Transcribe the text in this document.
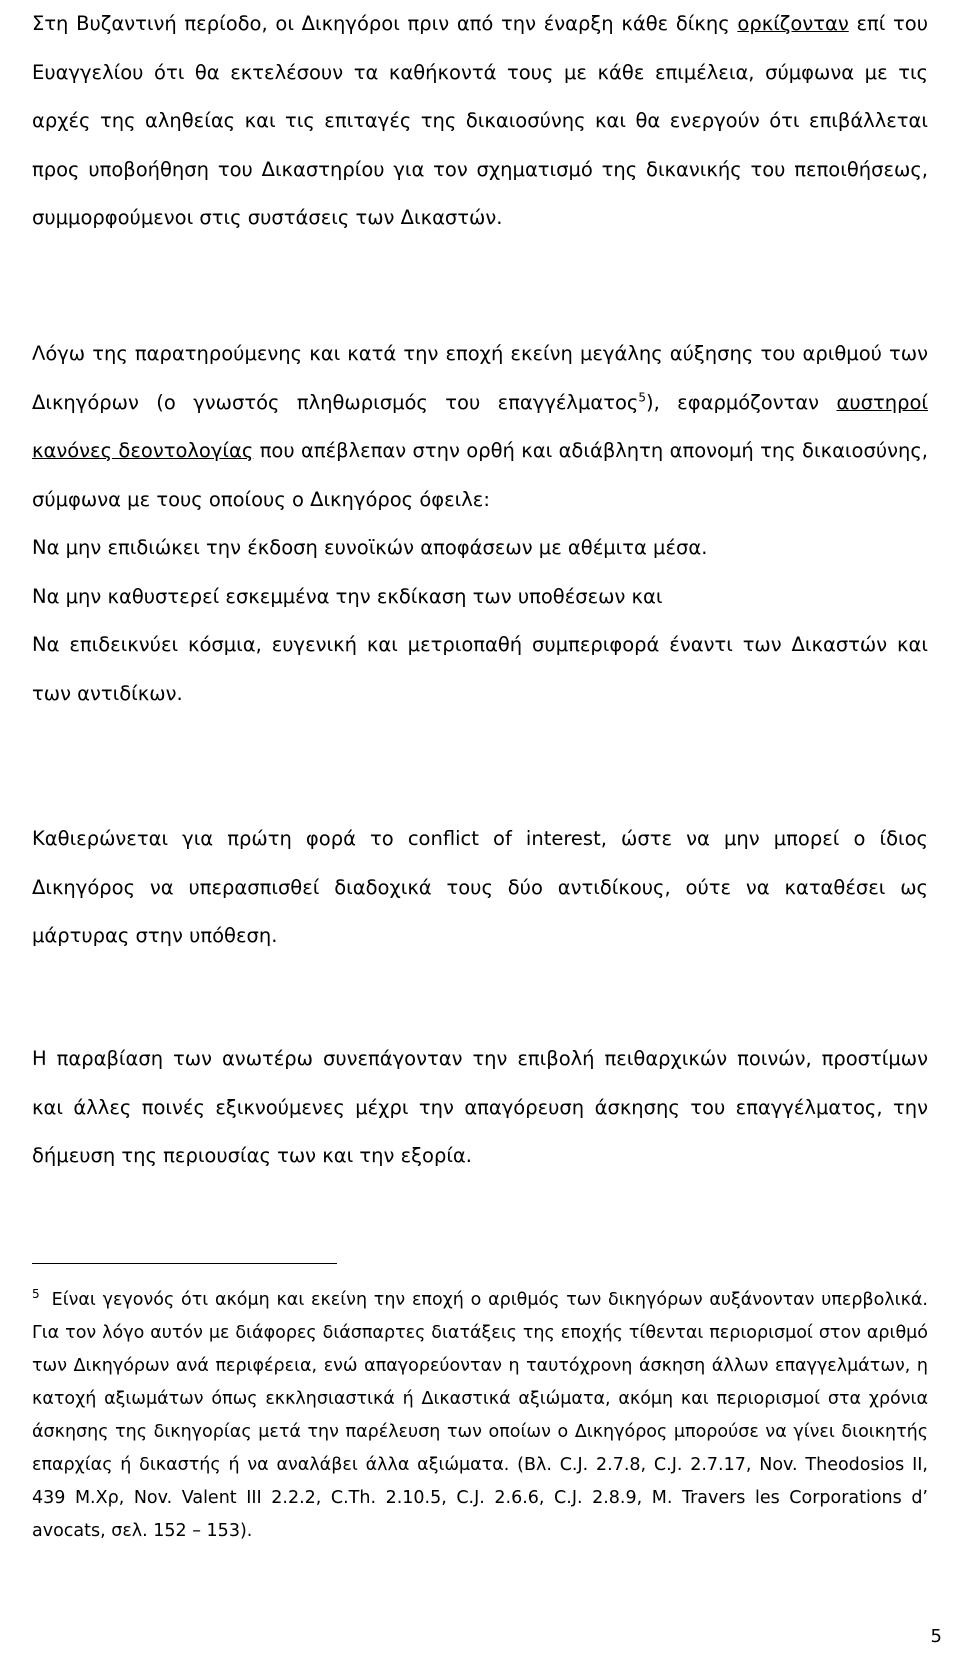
Στη Βυζαντινή περίοδο, οι Δικηγόροι πριν από την έναρξη κάθε δίκης ορκίζονταν επί του Ευαγγελίου ότι θα εκτελέσουν τα καθήκοντά τους με κάθε επιμέλεια, σύμφωνα με τις αρχές της αληθείας και τις επιταγές της δικαιοσύνης και θα ενεργούν ότι επιβάλλεται προς υποβοήθηση του Δικαστηρίου για τον σχηματισμό της δικανικής του πεποιθήσεως, συμμορφούμενοι στις συστάσεις των Δικαστών.

Λόγω της παρατηρούμενης και κατά την εποχή εκείνη μεγάλης αύξησης του αριθμού των Δικηγόρων (ο γνωστός πληθωρισμός του επαγγέλματος$^5$), εφαρμόζονταν αυστηροί κανόνες δεοντολογίας που απέβλεπαν στην ορθή και αδιάβλητη απονομή της δικαιοσύνης, σύμφωνα με τους οποίους ο Δικηγόρος όφειλε:

Να μην επιδιώκει την έκδοση ευνοϊκών αποφάσεων με αθέμιτα μέσα.

Να μην καθυστερεί εσκεμμένα την εκδίκαση των υποθέσεων και

Να επιδεικνύει κόσμια, ευγενική και μετριοπαθή συμπεριφορά έναντι των Δικαστών και των αντιδίκων.

Καθιερώνεται για πρώτη φορά το conflict of interest, ώστε να μην μπορεί ο ίδιος Δικηγόρος να υπερασπισθεί διαδοχικά τους δύο αντιδίκους, ούτε να καταθέσει ως μάρτυρας στην υπόθεση.

Η παραβίαση των ανωτέρω συνεπάγονταν την επιβολή πειθαρχικών ποινών, προστίμων και άλλες ποινές εξικνούμενες μέχρι την απαγόρευση άσκησης του επαγγέλματος, την δήμευση της περιουσίας των και την εξορία.

$^5$ Είναι γεγονός ότι ακόμη και εκείνη την εποχή ο αριθμός των δικηγόρων αυξάνονταν υπερβολικά. Για τον λόγο αυτόν με διάφορες διάσπαρτες διατάξεις της εποχής τίθενται περιορισμοί στον αριθμό των Δικηγόρων ανά περιφέρεια, ενώ απαγορεύονταν η ταυτόχρονη άσκηση άλλων επαγγελμάτων, η κατοχή αξιωμάτων όπως εκκλησιαστικά ή Δικαστικά αξιώματα, ακόμη και περιορισμοί στα χρόνια άσκησης της δικηγορίας μετά την παρέλευση των οποίων ο Δικηγόρος μπορούσε να γίνει διοικητής επαρχίας ή δικαστής ή να αναλάβει άλλα αξιώματα. (Βλ. C.J. 2.7.8, C.J. 2.7.17, Nov. Theodosios II, 439 M.Χρ, Nov. Valent III 2.2.2, C.Th. 2.10.5, C.J. 2.6.6, C.J. 2.8.9, M. Travers les Corporations d’ avocats, σελ. 152 – 153).

5
